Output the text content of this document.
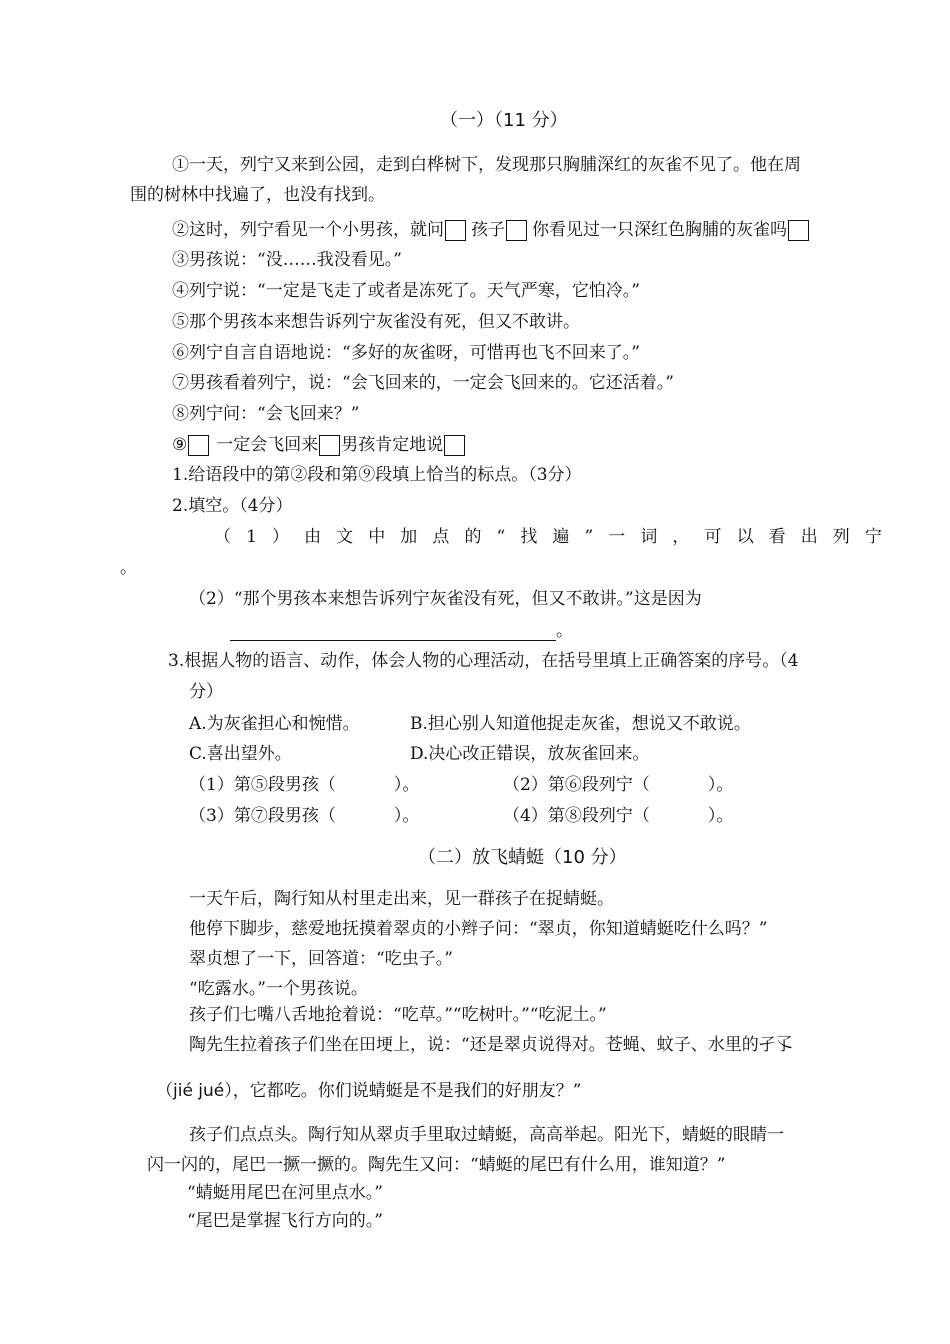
（一）（11 分）
①一天，列宁又来到公园，走到白桦树下，发现那只胸脯深红的灰雀不见了。他在周
围的树林中找遍了，也没有找到。
②这时，列宁看见一个小男孩，就问 孩子 你看见过一只深红色胸脯的灰雀吗
③男孩说：“没……我没看见。”
④列宁说：“一定是飞走了或者是冻死了。天气严寒，它怕冷。”
⑤那个男孩本来想告诉列宁灰雀没有死，但又不敢讲。
⑥列宁自言自语地说：“多好的灰雀呀，可惜再也飞不回来了。”
⑦男孩看着列宁，说：“会飞回来的，一定会飞回来的。它还活着。”
⑧列宁问：“会飞回来？”
⑨ 一定会飞回来 男孩肯定地说
1.给语段中的第②段和第⑨段填上恰当的标点。（3分）
2.填空。（4分）
（ 1 ） 由 文 中 加 点 的 “ 找 遍 ” 一 词 ， 可 以 看 出 列 宁
。
（2）“那个男孩本来想告诉列宁灰雀没有死，但又不敢讲。”这是因为
。
3.根据人物的语言、动作，体会人物的心理活动，在括号里填上正确答案的序号。（4
分）
A.为灰雀担心和惋惜。	B.担心别人知道他捉走灰雀，想说又不敢说。
C.喜出望外。	D.决心改正错误，放灰雀回来。
（1）第⑤段男孩（	）。	（2）第⑥段列宁（	）。
（3）第⑦段男孩（	）。	（4）第⑧段列宁（	）。
（二）放飞蜻蜓（10 分）
一天午后，陶行知从村里走出来，见一群孩子在捉蜻蜓。
他停下脚步，慈爱地抚摸着翠贞的小辫子问：“翠贞，你知道蜻蜓吃什么吗？”
翠贞想了一下，回答道：“吃虫子。”
“吃露水。”一个男孩说。
孩子们七嘴八舌地抢着说：“吃草。”“吃树叶。”“吃泥土。”
陶先生拉着孩子们坐在田埂上，说：“还是翠贞说得对。苍蝇、蚊子、水里的孑孓
（jié jué），它都吃。你们说蜻蜓是不是我们的好朋友？”
孩子们点点头。陶行知从翠贞手里取过蜻蜓，高高举起。阳光下，蜻蜓的眼睛一
闪一闪的，尾巴一撅一撅的。陶先生又问：“蜻蜓的尾巴有什么用，谁知道？”
“蜻蜓用尾巴在河里点水。”
“尾巴是掌握飞行方向的。”
